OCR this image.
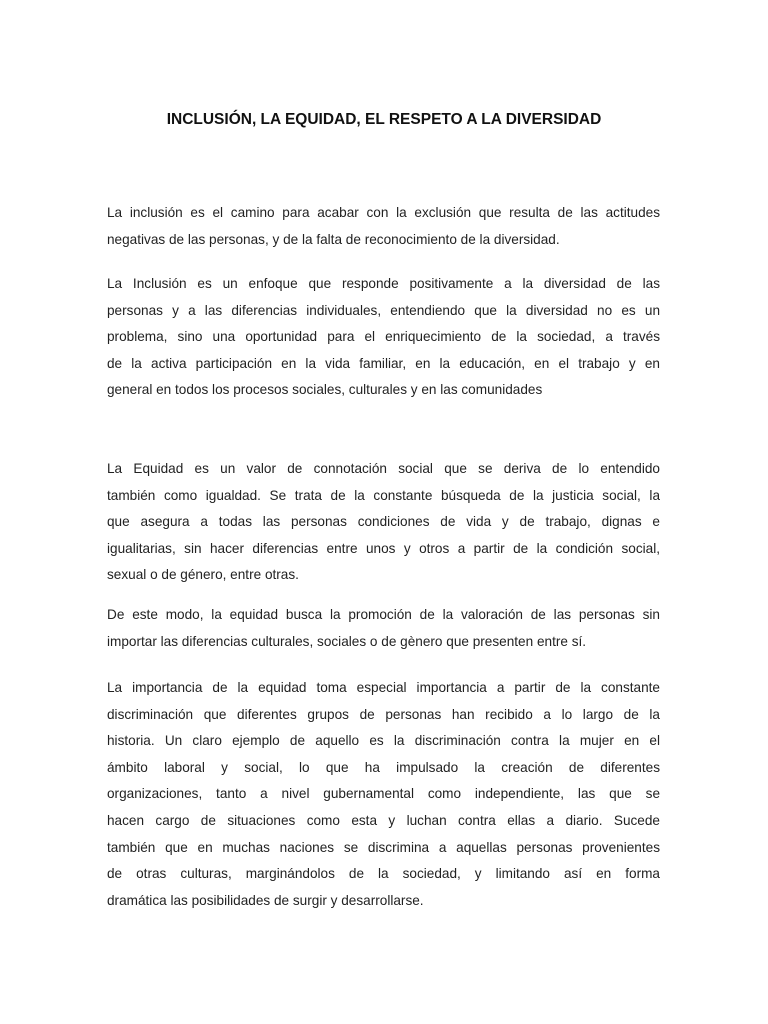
INCLUSIÓN, LA EQUIDAD, EL RESPETO A LA DIVERSIDAD
La inclusión es el camino para acabar con la exclusión que resulta de las actitudes
negativas de las personas, y de la falta de reconocimiento de la diversidad.
La Inclusión es un enfoque que responde positivamente a la diversidad de las
personas y a las diferencias individuales, entendiendo que la diversidad no es un
problema, sino una oportunidad para el enriquecimiento de la sociedad, a través
de la activa participación en la vida familiar, en la educación, en el trabajo y en
general en todos los procesos sociales, culturales y en las comunidades
La Equidad es un valor de connotación social que se deriva de lo entendido
también como igualdad. Se trata de la constante búsqueda de la justicia social, la
que asegura a todas las personas condiciones de vida y de trabajo, dignas e
igualitarias, sin hacer diferencias entre unos y otros a partir de la condición social,
sexual o de género, entre otras.
De este modo, la equidad busca la promoción de la valoración de las personas sin
importar las diferencias culturales, sociales o de gènero que presenten entre sí.
La importancia de la equidad toma especial importancia a partir de la constante
discriminación que diferentes grupos de personas han recibido a lo largo de la
historia. Un claro ejemplo de aquello es la discriminación contra la mujer en el
ámbito laboral y social, lo que ha impulsado la creación de diferentes
organizaciones, tanto a nivel gubernamental como independiente, las que se
hacen cargo de situaciones como esta y luchan contra ellas a diario. Sucede
también que en muchas naciones se discrimina a aquellas personas provenientes
de otras culturas, marginándolos de la sociedad, y limitando así en forma
dramática las posibilidades de surgir y desarrollarse.
